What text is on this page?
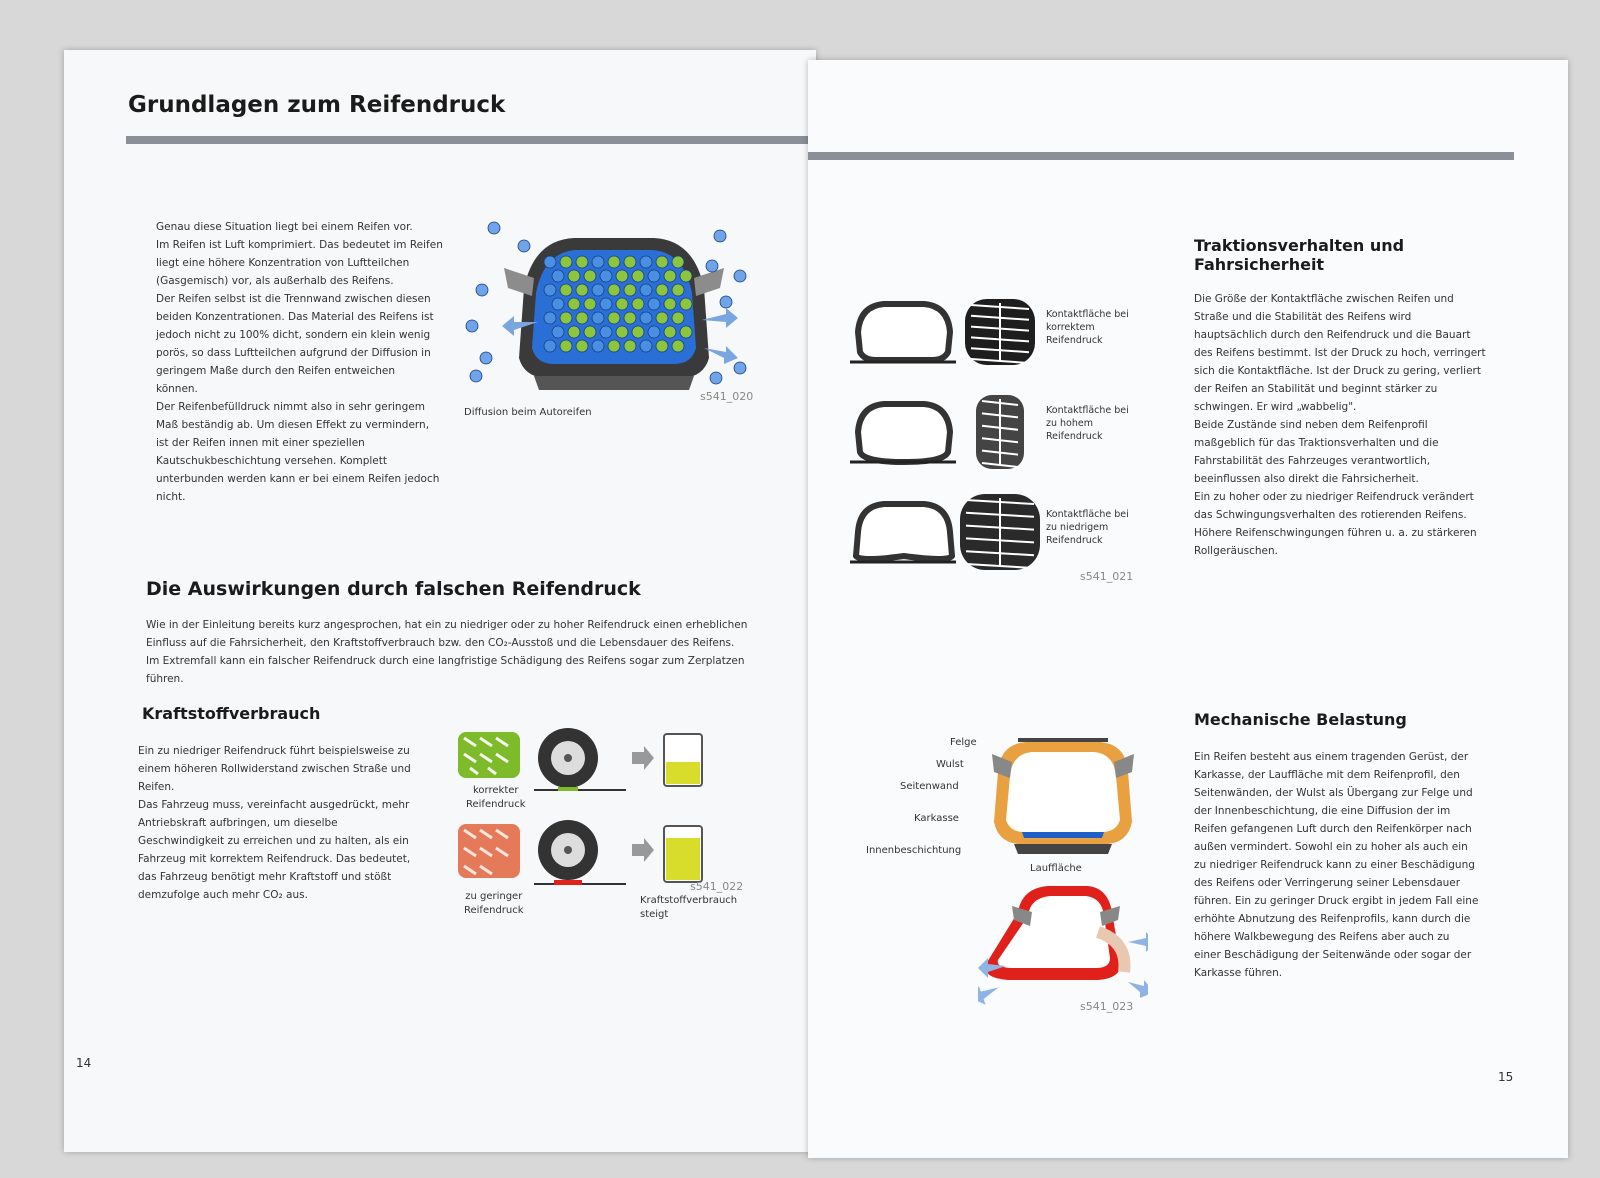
Grundlagen zum Reifendruck
Genau diese Situation liegt bei einem Reifen vor.
Im Reifen ist Luft komprimiert. Das bedeutet im Reifen
liegt eine höhere Konzentration von Luftteilchen
(Gasgemisch) vor, als außerhalb des Reifens.
Der Reifen selbst ist die Trennwand zwischen diesen
beiden Konzentrationen. Das Material des Reifens ist
jedoch nicht zu 100% dicht, sondern ein klein wenig
porös, so dass Luftteilchen aufgrund der Diffusion in
geringem Maße durch den Reifen entweichen
können.
Der Reifenbefülldruck nimmt also in sehr geringem
Maß beständig ab. Um diesen Effekt zu vermindern,
ist der Reifen innen mit einer speziellen
Kautschukbeschichtung versehen. Komplett
unterbunden werden kann er bei einem Reifen jedoch
nicht.
Diffusion beim Autoreifen
s541_020
Die Auswirkungen durch falschen Reifendruck
Wie in der Einleitung bereits kurz angesprochen, hat ein zu niedriger oder zu hoher Reifendruck einen erheblichen
Einfluss auf die Fahrsicherheit, den Kraftstoffverbrauch bzw. den CO₂-Ausstoß und die Lebensdauer des Reifens.
Im Extremfall kann ein falscher Reifendruck durch eine langfristige Schädigung des Reifens sogar zum Zerplatzen
führen.
Kraftstoffverbrauch
Ein zu niedriger Reifendruck führt beispielsweise zu
einem höheren Rollwiderstand zwischen Straße und
Reifen.
Das Fahrzeug muss, vereinfacht ausgedrückt, mehr
Antriebskraft aufbringen, um dieselbe
Geschwindigkeit zu erreichen und zu halten, als ein
Fahrzeug mit korrektem Reifendruck. Das bedeutet,
das Fahrzeug benötigt mehr Kraftstoff und stößt
demzufolge auch mehr CO₂ aus.
korrekter
Reifendruck
zu geringer
Reifendruck
Kraftstoffverbrauch
steigt
s541_022
14
Traktionsverhalten und
Fahrsicherheit
Die Größe der Kontaktfläche zwischen Reifen und
Straße und die Stabilität des Reifens wird
hauptsächlich durch den Reifendruck und die Bauart
des Reifens bestimmt. Ist der Druck zu hoch, verringert
sich die Kontaktfläche. Ist der Druck zu gering, verliert
der Reifen an Stabilität und beginnt stärker zu
schwingen. Er wird „wabbelig".
Beide Zustände sind neben dem Reifenprofil
maßgeblich für das Traktionsverhalten und die
Fahrstabilität des Fahrzeuges verantwortlich,
beeinflussen also direkt die Fahrsicherheit.
Ein zu hoher oder zu niedriger Reifendruck verändert
das Schwingungsverhalten des rotierenden Reifens.
Höhere Reifenschwingungen führen u. a. zu stärkeren
Rollgeräuschen.
Kontaktfläche bei
korrektem
Reifendruck
Kontaktfläche bei
zu hohem
Reifendruck
Kontaktfläche bei
zu niedrigem
Reifendruck
s541_021
Mechanische Belastung
Ein Reifen besteht aus einem tragenden Gerüst, der
Karkasse, der Lauffläche mit dem Reifenprofil, den
Seitenwänden, der Wulst als Übergang zur Felge und
der Innenbeschichtung, die eine Diffusion der im
Reifen gefangenen Luft durch den Reifenkörper nach
außen vermindert. Sowohl ein zu hoher als auch ein
zu niedriger Reifendruck kann zu einer Beschädigung
des Reifens oder Verringerung seiner Lebensdauer
führen. Ein zu geringer Druck ergibt in jedem Fall eine
erhöhte Abnutzung des Reifenprofils, kann durch die
höhere Walkbewegung des Reifens aber auch zu
einer Beschädigung der Seitenwände oder sogar der
Karkasse führen.
Felge
Wulst
Seitenwand
Karkasse
Innenbeschichtung
Lauffläche
s541_023
15
